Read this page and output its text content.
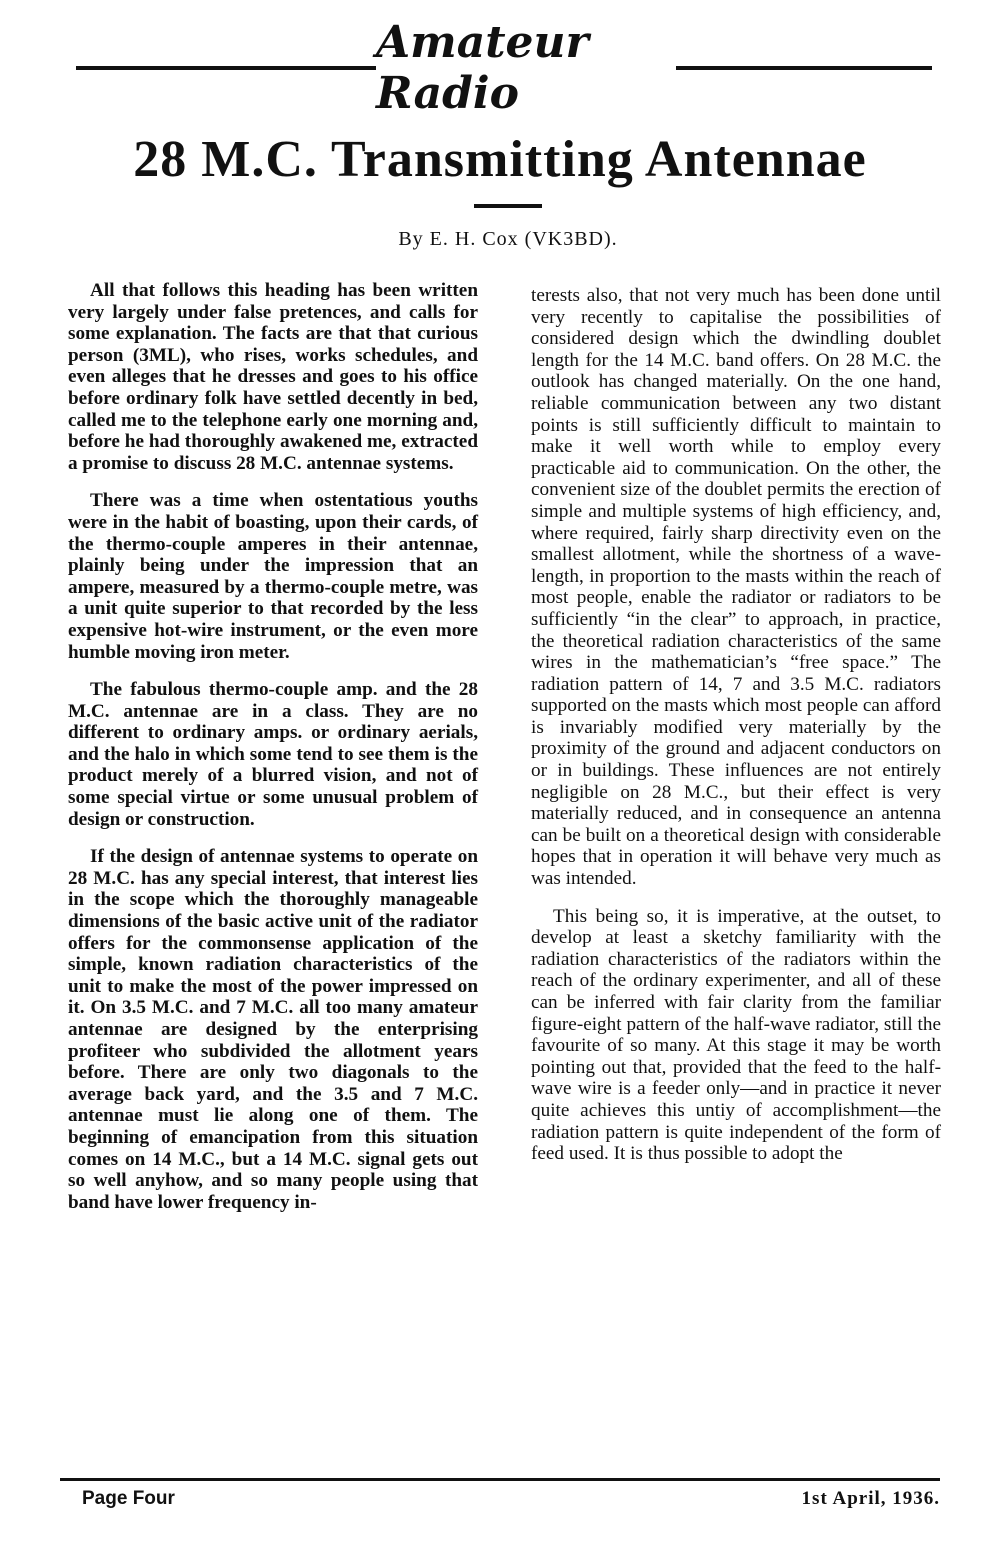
Amateur Radio
28 M.C. Transmitting Antennae
By E. H. Cox (VK3BD).

All that follows this heading has been written very largely under false pretences, and calls for some explanation. The facts are that that curious person (3ML), who rises, works schedules, and even alleges that he dresses and goes to his office before ordinary folk have settled decently in bed, called me to the telephone early one morning and, before he had thoroughly awakened me, extracted a promise to discuss 28 M.C. antennae systems.

There was a time when ostentatious youths were in the habit of boasting, upon their cards, of the thermo-couple amperes in their antennae, plainly being under the impression that an ampere, measured by a thermo-couple metre, was a unit quite superior to that recorded by the less expensive hot-wire instrument, or the even more humble moving iron meter.

The fabulous thermo-couple amp. and the 28 M.C. antennae are in a class. They are no different to ordinary amps. or ordinary aerials, and the halo in which some tend to see them is the product merely of a blurred vision, and not of some special virtue or some unusual problem of design or construction.

If the design of antennae systems to operate on 28 M.C. has any special interest, that interest lies in the scope which the thoroughly manageable dimensions of the basic active unit of the radiator offers for the commonsense application of the simple, known radiation characteristics of the unit to make the most of the power impressed on it. On 3.5 M.C. and 7 M.C. all too many amateur antennae are designed by the enterprising profiteer who subdivided the allotment years before. There are only two diagonals to the average back yard, and the 3.5 and 7 M.C. antennae must lie along one of them. The beginning of emancipation from this situation comes on 14 M.C., but a 14 M.C. signal gets out so well anyhow, and so many people using that band have lower frequency in-

terests also, that not very much has been done until very recently to capitalise the possibilities of considered design which the dwindling doublet length for the 14 M.C. band offers. On 28 M.C. the outlook has changed materially. On the one hand, reliable communication between any two distant points is still sufficiently difficult to maintain to make it well worth while to employ every practicable aid to communication. On the other, the convenient size of the doublet permits the erection of simple and multiple systems of high efficiency, and, where required, fairly sharp directivity even on the smallest allotment, while the shortness of a wave-length, in proportion to the masts within the reach of most people, enable the radiator or radiators to be sufficiently “in the clear” to approach, in practice, the theoretical radiation characteristics of the same wires in the mathematician’s “free space.” The radiation pattern of 14, 7 and 3.5 M.C. radiators supported on the masts which most people can afford is invariably modified very materially by the proximity of the ground and adjacent conductors on or in buildings. These influences are not entirely negligible on 28 M.C., but their effect is very materially reduced, and in consequence an antenna can be built on a theoretical design with considerable hopes that in operation it will behave very much as was intended.

This being so, it is imperative, at the outset, to develop at least a sketchy familiarity with the radiation characteristics of the radiators within the reach of the ordinary experimenter, and all of these can be inferred with fair clarity from the familiar figure-eight pattern of the half-wave radiator, still the favourite of so many. At this stage it may be worth pointing out that, provided that the feed to the half-wave wire is a feeder only—and in practice it never quite achieves this untiy of accomplishment—the radiation pattern is quite independent of the form of feed used. It is thus possible to adopt the

Page Four	1st April, 1936.
